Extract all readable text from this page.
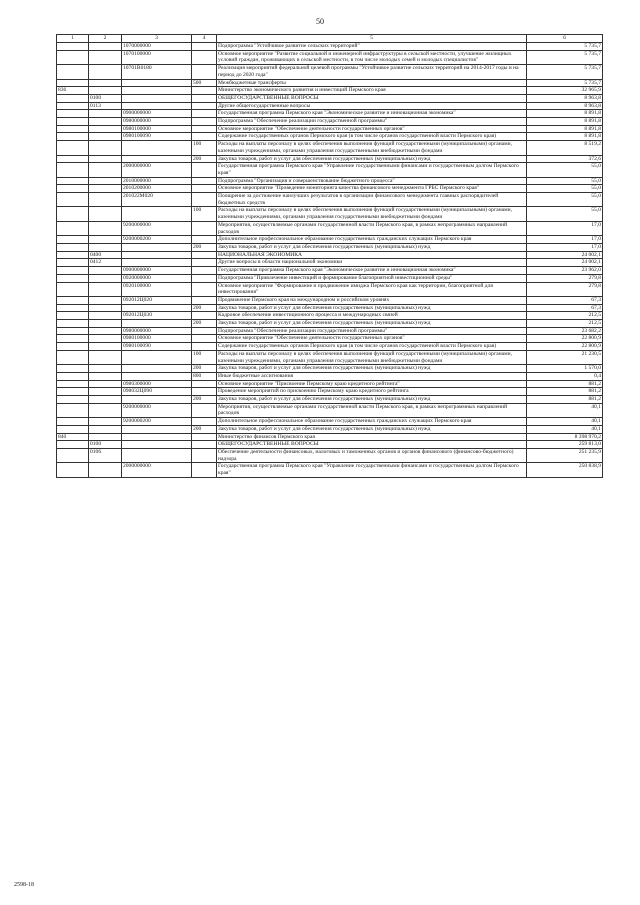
50
1	2	3	4	5	6
		1070000000		Подпрограмма "Устойчивое развитие сельских территорий"	5 735,7
		1070100000		Основное мероприятие "Развитие социальной и инженерной инфраструктуры в сельской местности, улучшение жилищных условий граждан, проживающих в сельской местности, в том числе молодых семей и молодых специалистов"	5 735,7
		10701R0180		Реализация мероприятий федеральной целевой программы "Устойчивое развитие сельских территорий на 2014-2017 годы и на период до 2020 года"	5 735,7
			500	Межбюджетные трансферты	5 735,7
836				Министерство экономического развития и инвестиций Пермского края	32 965,9
	0100			ОБЩЕГОСУДАРСТВЕННЫЕ ВОПРОСЫ	8 963,8
	0113			Другие общегосударственные вопросы	8 963,8
		0900000000		Государственная программа Пермского края "Экономическое развитие и инновационная экономика"	8 891,8
		0980000000		Подпрограмма "Обеспечение реализации государственной программы"	8 891,8
		0980100000		Основное мероприятие "Обеспечение деятельности государственных органов"	8 891,8
		0980100090		Содержание государственных органов Пермского края (в том числе органов государственной власти Пермского края)	8 891,8
			100	Расходы на выплаты персоналу в целях обеспечения выполнения функций государственными (муниципальными) органами, казенными учреждениями, органами управления государственными внебюджетными фондами	8 519,2
			200	Закупка товаров, работ и услуг для обеспечения государственных (муниципальных) нужд	372,6
		2000000000		Государственная программа Пермского края "Управление государственными финансами и государственным долгом Пермского края"	55,0
		2010000000		Подпрограмма "Организация и совершенствование бюджетного процесса"	55,0
		2010200000		Основное мероприятие "Проведение мониторинга качества финансового менеджмента ГРБС Пермского края"	55,0
		201022M020		Поощрение за достижение наилучших результатов в организации финансового менеджмента главных распорядителей бюджетных средств	55,0
			100	Расходы на выплаты персоналу в целях обеспечения выполнения функций государственными (муниципальными) органами, казенными учреждениями, органами управления государственными внебюджетными фондами	55,0
		9200000000		Мероприятия, осуществляемые органами государственной власти Пермского края, в рамках непрограммных направлений расходов	17,0
		9200000200		Дополнительное профессиональное образование государственных гражданских служащих Пермского края	17,0
			200	Закупка товаров, работ и услуг для обеспечения государственных (муниципальных) нужд	17,0
	0400			НАЦИОНАЛЬНАЯ ЭКОНОМИКА	24 002,1
	0412			Другие вопросы в области национальной экономики	24 002,1
		0900000000		Государственная программа Пермского края "Экономическое развитие и инновационная экономика"	23 962,0
		0920000000		Подпрограмма "Привлечение инвестиций и формирование благоприятной инвестиционной среды"	279,8
		0920100000		Основное мероприятие "Формирование и продвижение имиджа Пермского края как территории, благоприятной для инвестирования"	279,8
		092012Ц020		Продвижение Пермского края на международном и российском уровнях	67,3
			200	Закупка товаров, работ и услуг для обеспечения государственных (муниципальных) нужд	67,3
		092012Ц030		Кадровое обеспечение инвестиционного процесса и международных связей	212,5
			200	Закупка товаров, работ и услуг для обеспечения государственных (муниципальных) нужд	212,5
		0980000000		Подпрограмма "Обеспечение реализации государственной программы"	23 682,2
		0980100000		Основное мероприятие "Обеспечение деятельности государственных органов"	22 800,9
		0980100090		Содержание государственных органов Пермского края (в том числе органов государственной власти Пермского края)	22 800,9
			100	Расходы на выплаты персоналу в целях обеспечения выполнения функций государственными (муниципальными) органами, казенными учреждениями, органами управления государственными внебюджетными фондами	21 230,5
			200	Закупка товаров, работ и услуг для обеспечения государственных (муниципальных) нужд	1 570,0
			800	Иные бюджетные ассигнования	0,4
		0980300000		Основное мероприятие "Присвоение Пермскому краю кредитного рейтинга"	881,2
		098032Ц090		Проведение мероприятий по присвоению Пермскому краю кредитного рейтинга	881,2
			200	Закупка товаров, работ и услуг для обеспечения государственных (муниципальных) нужд	881,2
		9200000000		Мероприятия, осуществляемые органами государственной власти Пермского края, в рамках непрограммных направлений расходов	40,1
		9200000200		Дополнительное профессиональное образование государственных гражданских служащих Пермского края	40,1
			200	Закупка товаров, работ и услуг для обеспечения государственных (муниципальных) нужд	40,1
840				Министерство финансов Пермского края	8 398 970,2
	0100			ОБЩЕГОСУДАРСТВЕННЫЕ ВОПРОСЫ	259 813,0
	0106			Обеспечение деятельности финансовых, налоговых и таможенных органов и органов финансового (финансово-бюджетного) надзора	251 235,9
		2000000000		Государственная программа Пермского края "Управление государственными финансами и государственным долгом Пермского края"	250 838,9
2598-18
